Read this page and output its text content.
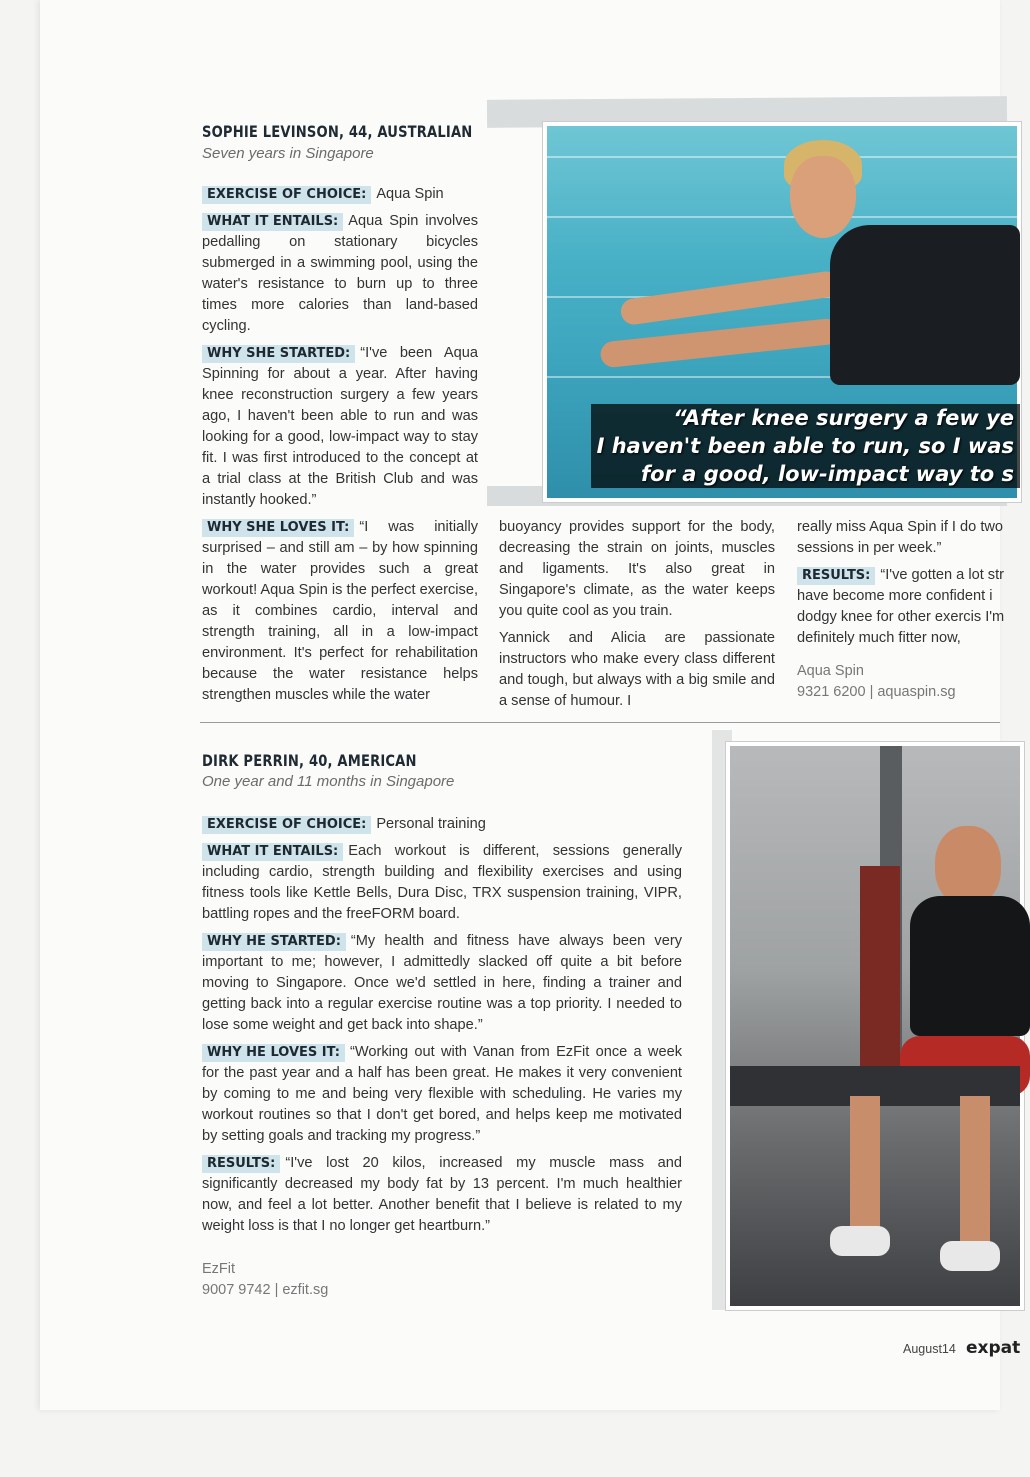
SOPHIE LEVINSON, 44, AUSTRALIAN
Seven years in Singapore

EXERCISE OF CHOICE: Aqua Spin

WHAT IT ENTAILS: Aqua Spin involves pedalling on stationary bicycles submerged in a swimming pool, using the water's resistance to burn up to three times more calories than land-based cycling.

WHY SHE STARTED: “I've been Aqua Spinning for about a year. After having knee reconstruction surgery a few years ago, I haven't been able to run and was looking for a good, low-impact way to stay fit. I was first introduced to the concept at a trial class at the British Club and was instantly hooked.”

WHY SHE LOVES IT: “I was initially surprised – and still am – by how spinning in the water provides such a great workout! Aqua Spin is the perfect exercise, as it combines cardio, interval and strength training, all in a low-impact environment. It's perfect for rehabilitation because the water resistance helps strengthen muscles while the water

buoyancy provides support for the body, decreasing the strain on joints, muscles and ligaments. It's also great in Singapore's climate, as the water keeps you quite cool as you train.

Yannick and Alicia are passionate instructors who make every class different and tough, but always with a big smile and a sense of humour. I

really miss Aqua Spin if I do two sessions in per week.”

RESULTS: “I've gotten a lot str have become more confident i dodgy knee for other exercis I'm definitely much fitter now,

Aqua Spin
9321 6200 | aquaspin.sg
“After knee surgery a few ye
I haven't been able to run, so I was
for a good, low-impact way to s
DIRK PERRIN, 40, AMERICAN
One year and 11 months in Singapore

EXERCISE OF CHOICE: Personal training

WHAT IT ENTAILS: Each workout is different, sessions generally including cardio, strength building and flexibility exercises and using fitness tools like Kettle Bells, Dura Disc, TRX suspension training, VIPR, battling ropes and the freeFORM board.

WHY HE STARTED: “My health and fitness have always been very important to me; however, I admittedly slacked off quite a bit before moving to Singapore. Once we'd settled in here, finding a trainer and getting back into a regular exercise routine was a top priority. I needed to lose some weight and get back into shape.”

WHY HE LOVES IT: “Working out with Vanan from EzFit once a week for the past year and a half has been great. He makes it very convenient by coming to me and being very flexible with scheduling. He varies my workout routines so that I don't get bored, and helps keep me motivated by setting goals and tracking my progress.”

RESULTS: “I've lost 20 kilos, increased my muscle mass and significantly decreased my body fat by 13 percent. I'm much healthier now, and feel a lot better. Another benefit that I believe is related to my weight loss is that I no longer get heartburn.”

EzFit
9007 9742 | ezfit.sg
August14 expat
